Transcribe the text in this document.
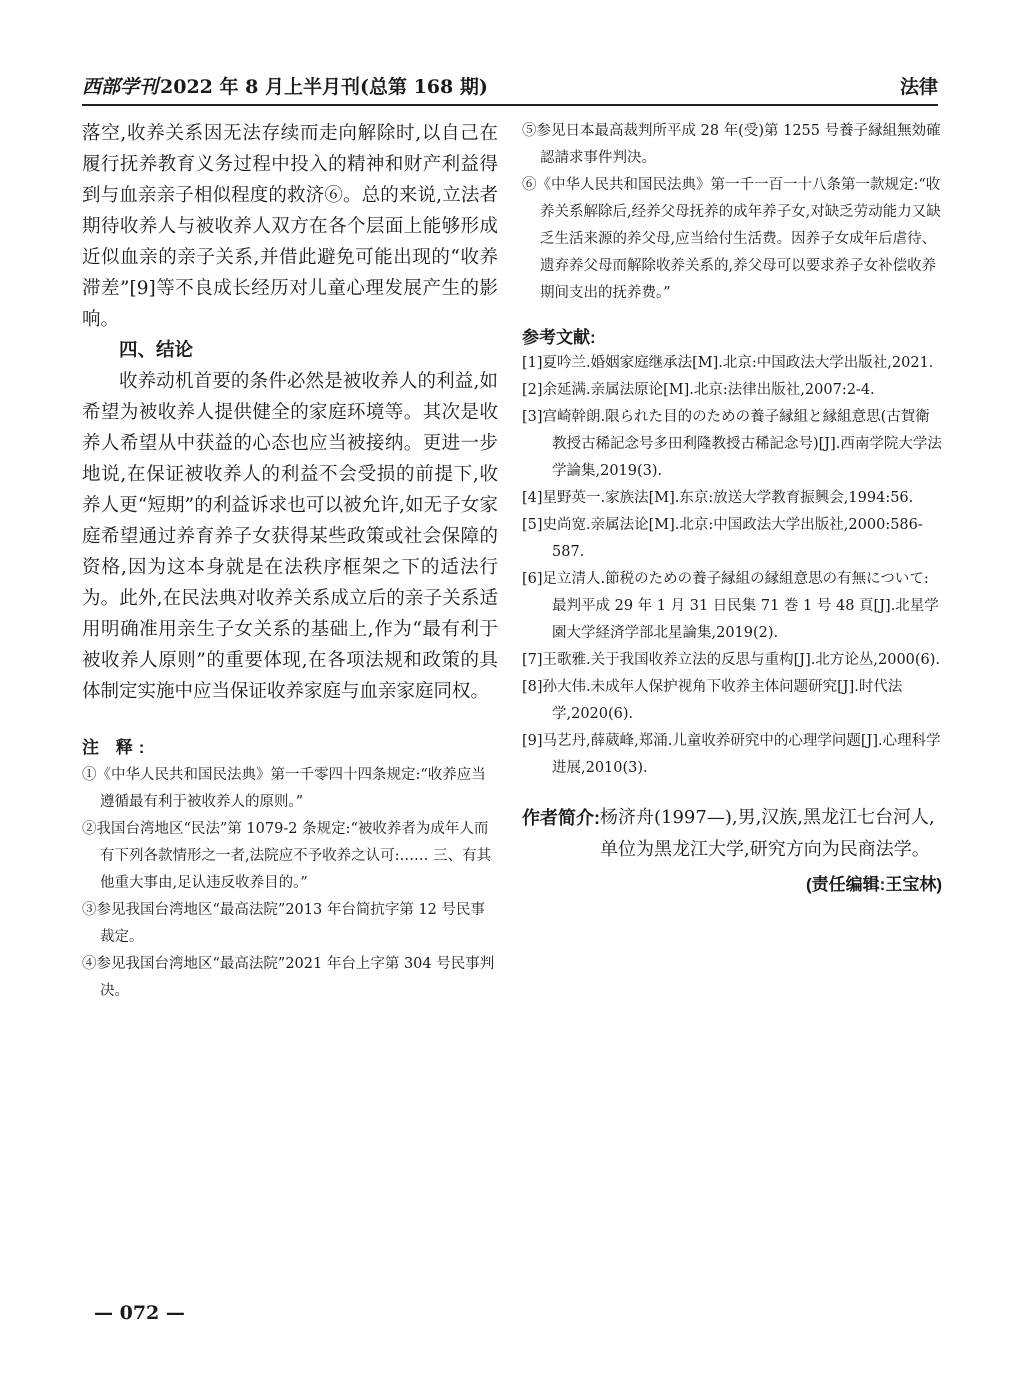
西部学刊 2022 年 8 月上半月刊(总第 168 期)	法律

落空,收养关系因无法存续而走向解除时,以自己在履行抚养教育义务过程中投入的精神和财产利益得到与血亲亲子相似程度的救济⑥。总的来说,立法者期待收养人与被收养人双方在各个层面上能够形成近似血亲的亲子关系,并借此避免可能出现的“收养滞差”[9]等不良成长经历对儿童心理发展产生的影响。

四、结论

收养动机首要的条件必然是被收养人的利益,如希望为被收养人提供健全的家庭环境等。其次是收养人希望从中获益的心态也应当被接纳。更进一步地说,在保证被收养人的利益不会受损的前提下,收养人更“短期”的利益诉求也可以被允许,如无子女家庭希望通过养育养子女获得某些政策或社会保障的资格,因为这本身就是在法秩序框架之下的适法行为。此外,在民法典对收养关系成立后的亲子关系适用明确准用亲生子女关系的基础上,作为“最有利于被收养人原则”的重要体现,在各项法规和政策的具体制定实施中应当保证收养家庭与血亲家庭同权。

注 释:
①《中华人民共和国民法典》第一千零四十四条规定:“收养应当遵循最有利于被收养人的原则。”
②我国台湾地区“民法”第 1079-2 条规定:“被收养者为成年人而有下列各款情形之一者,法院应不予收养之认可:…… 三、有其他重大事由,足认违反收养目的。”
③参见我国台湾地区“最高法院”2013 年台简抗字第 12 号民事裁定。
④参见我国台湾地区“最高法院”2021 年台上字第 304 号民事判决。
⑤参见日本最高裁判所平成 28 年(受)第 1255 号養子縁組無効確認請求事件判决。
⑥《中华人民共和国民法典》第一千一百一十八条第一款规定:“收养关系解除后,经养父母抚养的成年养子女,对缺乏劳动能力又缺乏生活来源的养父母,应当给付生活费。因养子女成年后虐待、遗弃养父母而解除收养关系的,养父母可以要求养子女补偿收养期间支出的抚养费。”
参考文献:
[1]夏吟兰.婚姻家庭继承法[M].北京:中国政法大学出版社,2021.
[2]余延满.亲属法原论[M].北京:法律出版社,2007:2-4.
[3]宫崎幹朗.限られた目的のための養子縁組と縁組意思(古賀衛教授古稀記念号多田利隆教授古稀記念号)[J].西南学院大学法学論集,2019(3).
[4]星野英一.家族法[M].东京:放送大学教育振興会,1994:56.
[5]史尚宽.亲属法论[M].北京:中国政法大学出版社,2000:586-587.
[6]足立清人.節税のための養子縁組の縁組意思の有無について:最判平成 29 年 1 月 31 日民集 71 巻 1 号 48 頁[J].北星学園大学経済学部北星論集,2019(2).
[7]王歌雅.关于我国收养立法的反思与重构[J].北方论丛,2000(6).
[8]孙大伟.未成年人保护视角下收养主体问题研究[J].时代法学,2020(6).
[9]马艺丹,薛葳峰,郑涌.儿童收养研究中的心理学问题[J].心理科学进展,2010(3).
作者简介: 杨济舟(1997—),男,汉族,黑龙江七台河人,单位为黑龙江大学,研究方向为民商法学。
(责任编辑:王宝林)
— 072 —
